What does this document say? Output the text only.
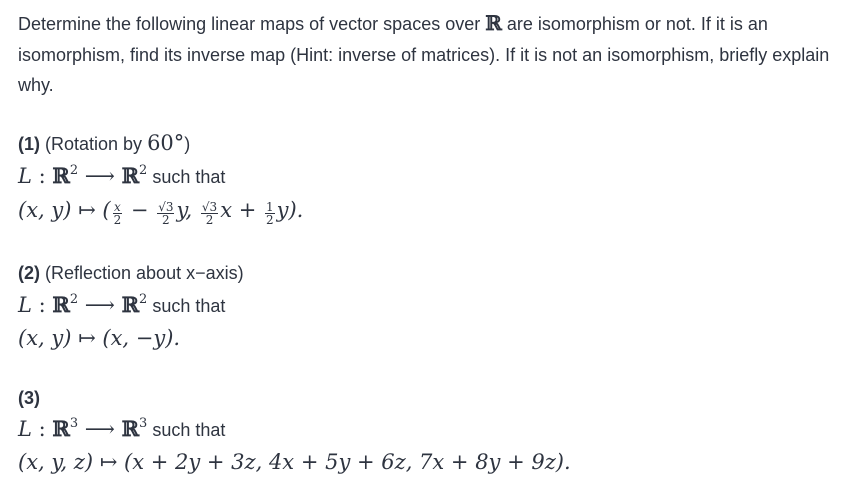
Determine the following linear maps of vector spaces over ℝ are isomorphism or not. If it is an isomorphism, find its inverse map (Hint: inverse of matrices). If it is not an isomorphism, briefly explain why.

(1) (Rotation by 60°)
L : ℝ$^2$ ⟶ ℝ$^2$ such that
(x, y) ↦ ( $\frac{x}{2} - \frac{√3}{2} y$, $\frac{√3}{2}$ $x + \frac{1}{2} y$).
(2) (Reflection about x−axis)
L : ℝ$^2$ ⟶ ℝ$^2$ such that
(x, y) ↦ (x, −y).
(3)
L : ℝ$^3$ ⟶ ℝ$^3$ such that
(x, y, z) ↦ (x + 2y + 3z, 4x + 5y + 6z, 7x + 8y + 9z).
